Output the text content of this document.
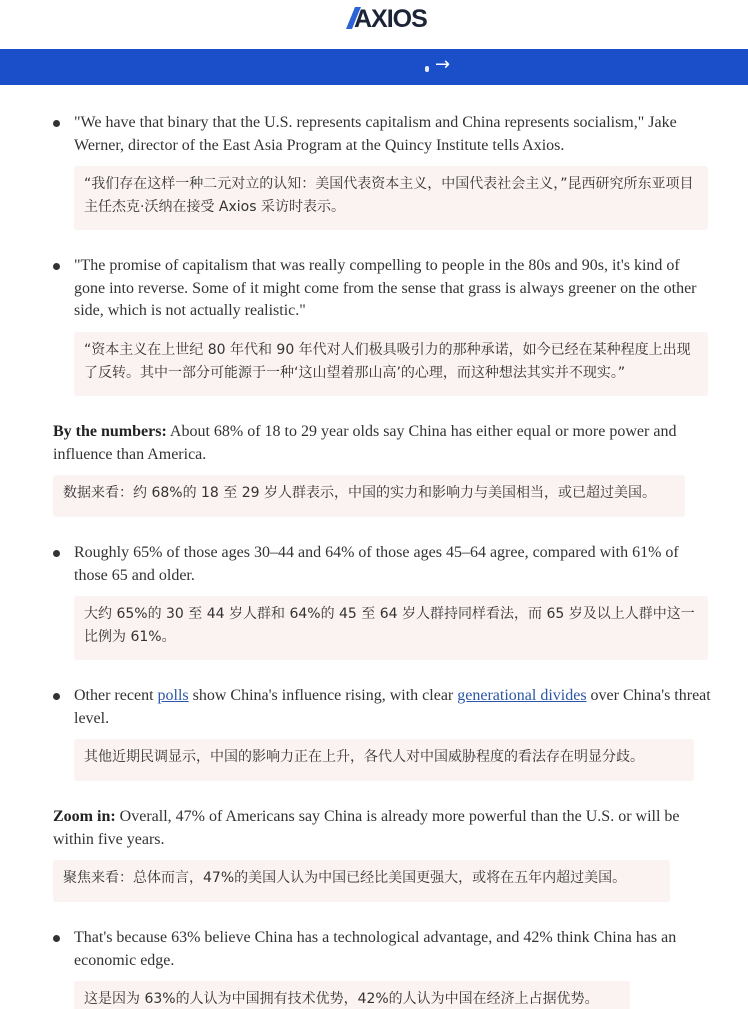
AXIOS
→

"We have that binary that the U.S. represents capitalism and China represents socialism," Jake Werner, director of the East Asia Program at the Quincy Institute tells Axios.

“我们存在这样一种二元对立的认知：美国代表资本主义，中国代表社会主义，”昆西研究所东亚项目主任杰克·沃纳在接受 Axios 采访时表示。

"The promise of capitalism that was really compelling to people in the 80s and 90s, it's kind of gone into reverse. Some of it might come from the sense that grass is always greener on the other side, which is not actually realistic."

“资本主义在上世纪 80 年代和 90 年代对人们极具吸引力的那种承诺，如今已经在某种程度上出现了反转。其中一部分可能源于一种‘这山望着那山高’的心理，而这种想法其实并不现实。”

By the numbers: About 68% of 18 to 29 year olds say China has either equal or more power and influence than America.

数据来看：约 68%的 18 至 29 岁人群表示，中国的实力和影响力与美国相当，或已超过美国。

Roughly 65% of those ages 30–44 and 64% of those ages 45–64 agree, compared with 61% of those 65 and older.

大约 65%的 30 至 44 岁人群和 64%的 45 至 64 岁人群持同样看法，而 65 岁及以上人群中这一比例为 61%。

Other recent polls show China's influence rising, with clear generational divides over China's threat level.

其他近期民调显示，中国的影响力正在上升，各代人对中国威胁程度的看法存在明显分歧。

Zoom in: Overall, 47% of Americans say China is already more powerful than the U.S. or will be within five years.

聚焦来看：总体而言，47%的美国人认为中国已经比美国更强大，或将在五年内超过美国。

That's because 63% believe China has a technological advantage, and 42% think China has an economic edge.

这是因为 63%的人认为中国拥有技术优势，42%的人认为中国在经济上占据优势。
